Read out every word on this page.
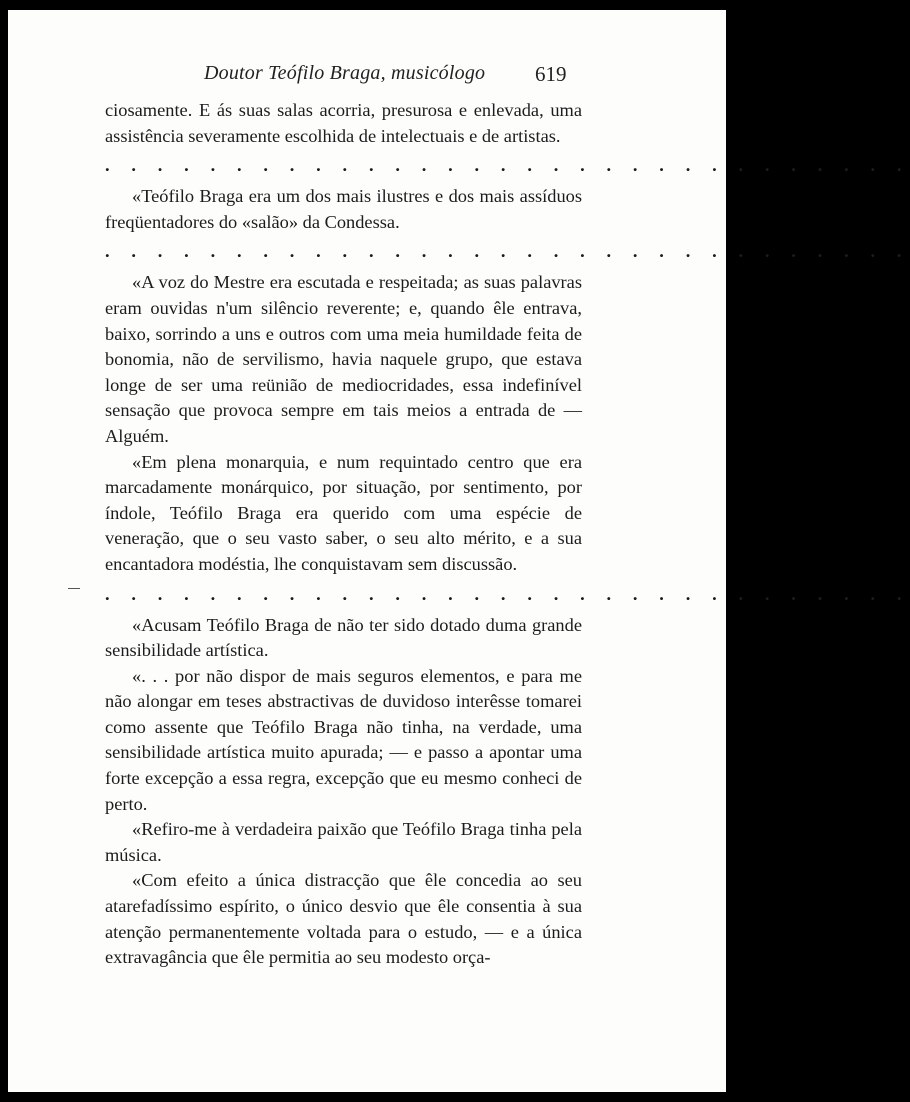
Doutor Teófilo Braga, musicólogo 619

ciosamente. E ás suas salas acorria, presurosa e enlevada, uma assistência severamente escolhida de intelectuais e de artistas.

. . . . . . . . . . . . . . . . . . . . . . . . . . . . . . .

«Teófilo Braga era um dos mais ilustres e dos mais assíduos freqüentadores do «salão» da Condessa.

. . . . . . . . . . . . . . . . . . . . . . . . . . . . . . .

«A voz do Mestre era escutada e respeitada; as suas palavras eram ouvidas n'um silêncio reverente; e, quando êle entrava, baixo, sorrindo a uns e outros com uma meia humildade feita de bonomia, não de servilismo, havia naquele grupo, que estava longe de ser uma reünião de mediocridades, essa indefinível sensação que provoca sempre em tais meios a entrada de — Alguém.

«Em plena monarquia, e num requintado centro que era marcadamente monárquico, por situação, por sentimento, por índole, Teófilo Braga era querido com uma espécie de veneração, que o seu vasto saber, o seu alto mérito, e a sua encantadora modéstia, lhe conquistavam sem discussão.

. . . . . . . . . . . . . . . . . . . . . . . . . . . . . . .

«Acusam Teófilo Braga de não ter sido dotado duma grande sensibilidade artística.

«. . . por não dispor de mais seguros elementos, e para me não alongar em teses abstractivas de duvidoso interêsse tomarei como assente que Teófilo Braga não tinha, na verdade, uma sensibilidade artística muito apurada; — e passo a apontar uma forte excepção a essa regra, excepção que eu mesmo conheci de perto.

«Refiro-me à verdadeira paixão que Teófilo Braga tinha pela música.

«Com efeito a única distracção que êle concedia ao seu atarefadíssimo espírito, o único desvio que êle consentia à sua atenção permanentemente voltada para o estudo, — e a única extravagância que êle permitia ao seu modesto orça-
